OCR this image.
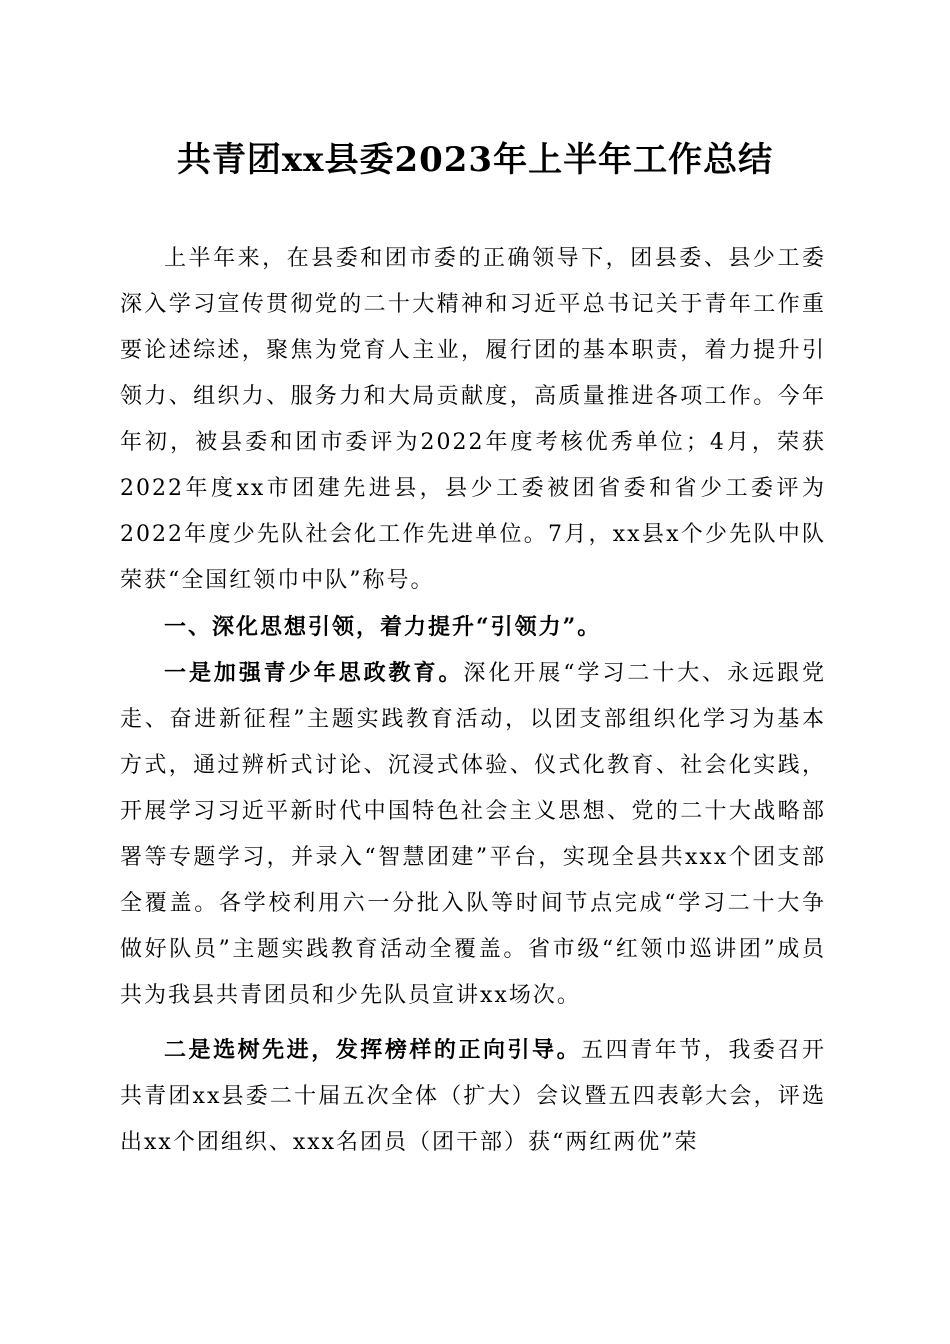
共青团xx县委2023年上半年工作总结

上半年来，在县委和团市委的正确领导下，团县委、县少工委深入学习宣传贯彻党的二十大精神和习近平总书记关于青年工作重要论述综述，聚焦为党育人主业，履行团的基本职责，着力提升引领力、组织力、服务力和大局贡献度，高质量推进各项工作。今年年初，被县委和团市委评为2022年度考核优秀单位；4月，荣获2022年度xx市团建先进县，县少工委被团省委和省少工委评为2022年度少先队社会化工作先进单位。7月，xx县x个少先队中队荣获“全国红领巾中队”称号。

一、深化思想引领，着力提升“引领力”。

一是加强青少年思政教育。深化开展“学习二十大、永远跟党走、奋进新征程”主题实践教育活动，以团支部组织化学习为基本方式，通过辨析式讨论、沉浸式体验、仪式化教育、社会化实践，开展学习习近平新时代中国特色社会主义思想、党的二十大战略部署等专题学习，并录入“智慧团建”平台，实现全县共xxx个团支部全覆盖。各学校利用六一分批入队等时间节点完成“学习二十大争做好队员”主题实践教育活动全覆盖。省市级“红领巾巡讲团”成员共为我县共青团员和少先队员宣讲xx场次。

二是选树先进，发挥榜样的正向引导。五四青年节，我委召开共青团xx县委二十届五次全体（扩大）会议暨五四表彰大会，评选出xx个团组织、xxx名团员（团干部）获“两红两优”荣
